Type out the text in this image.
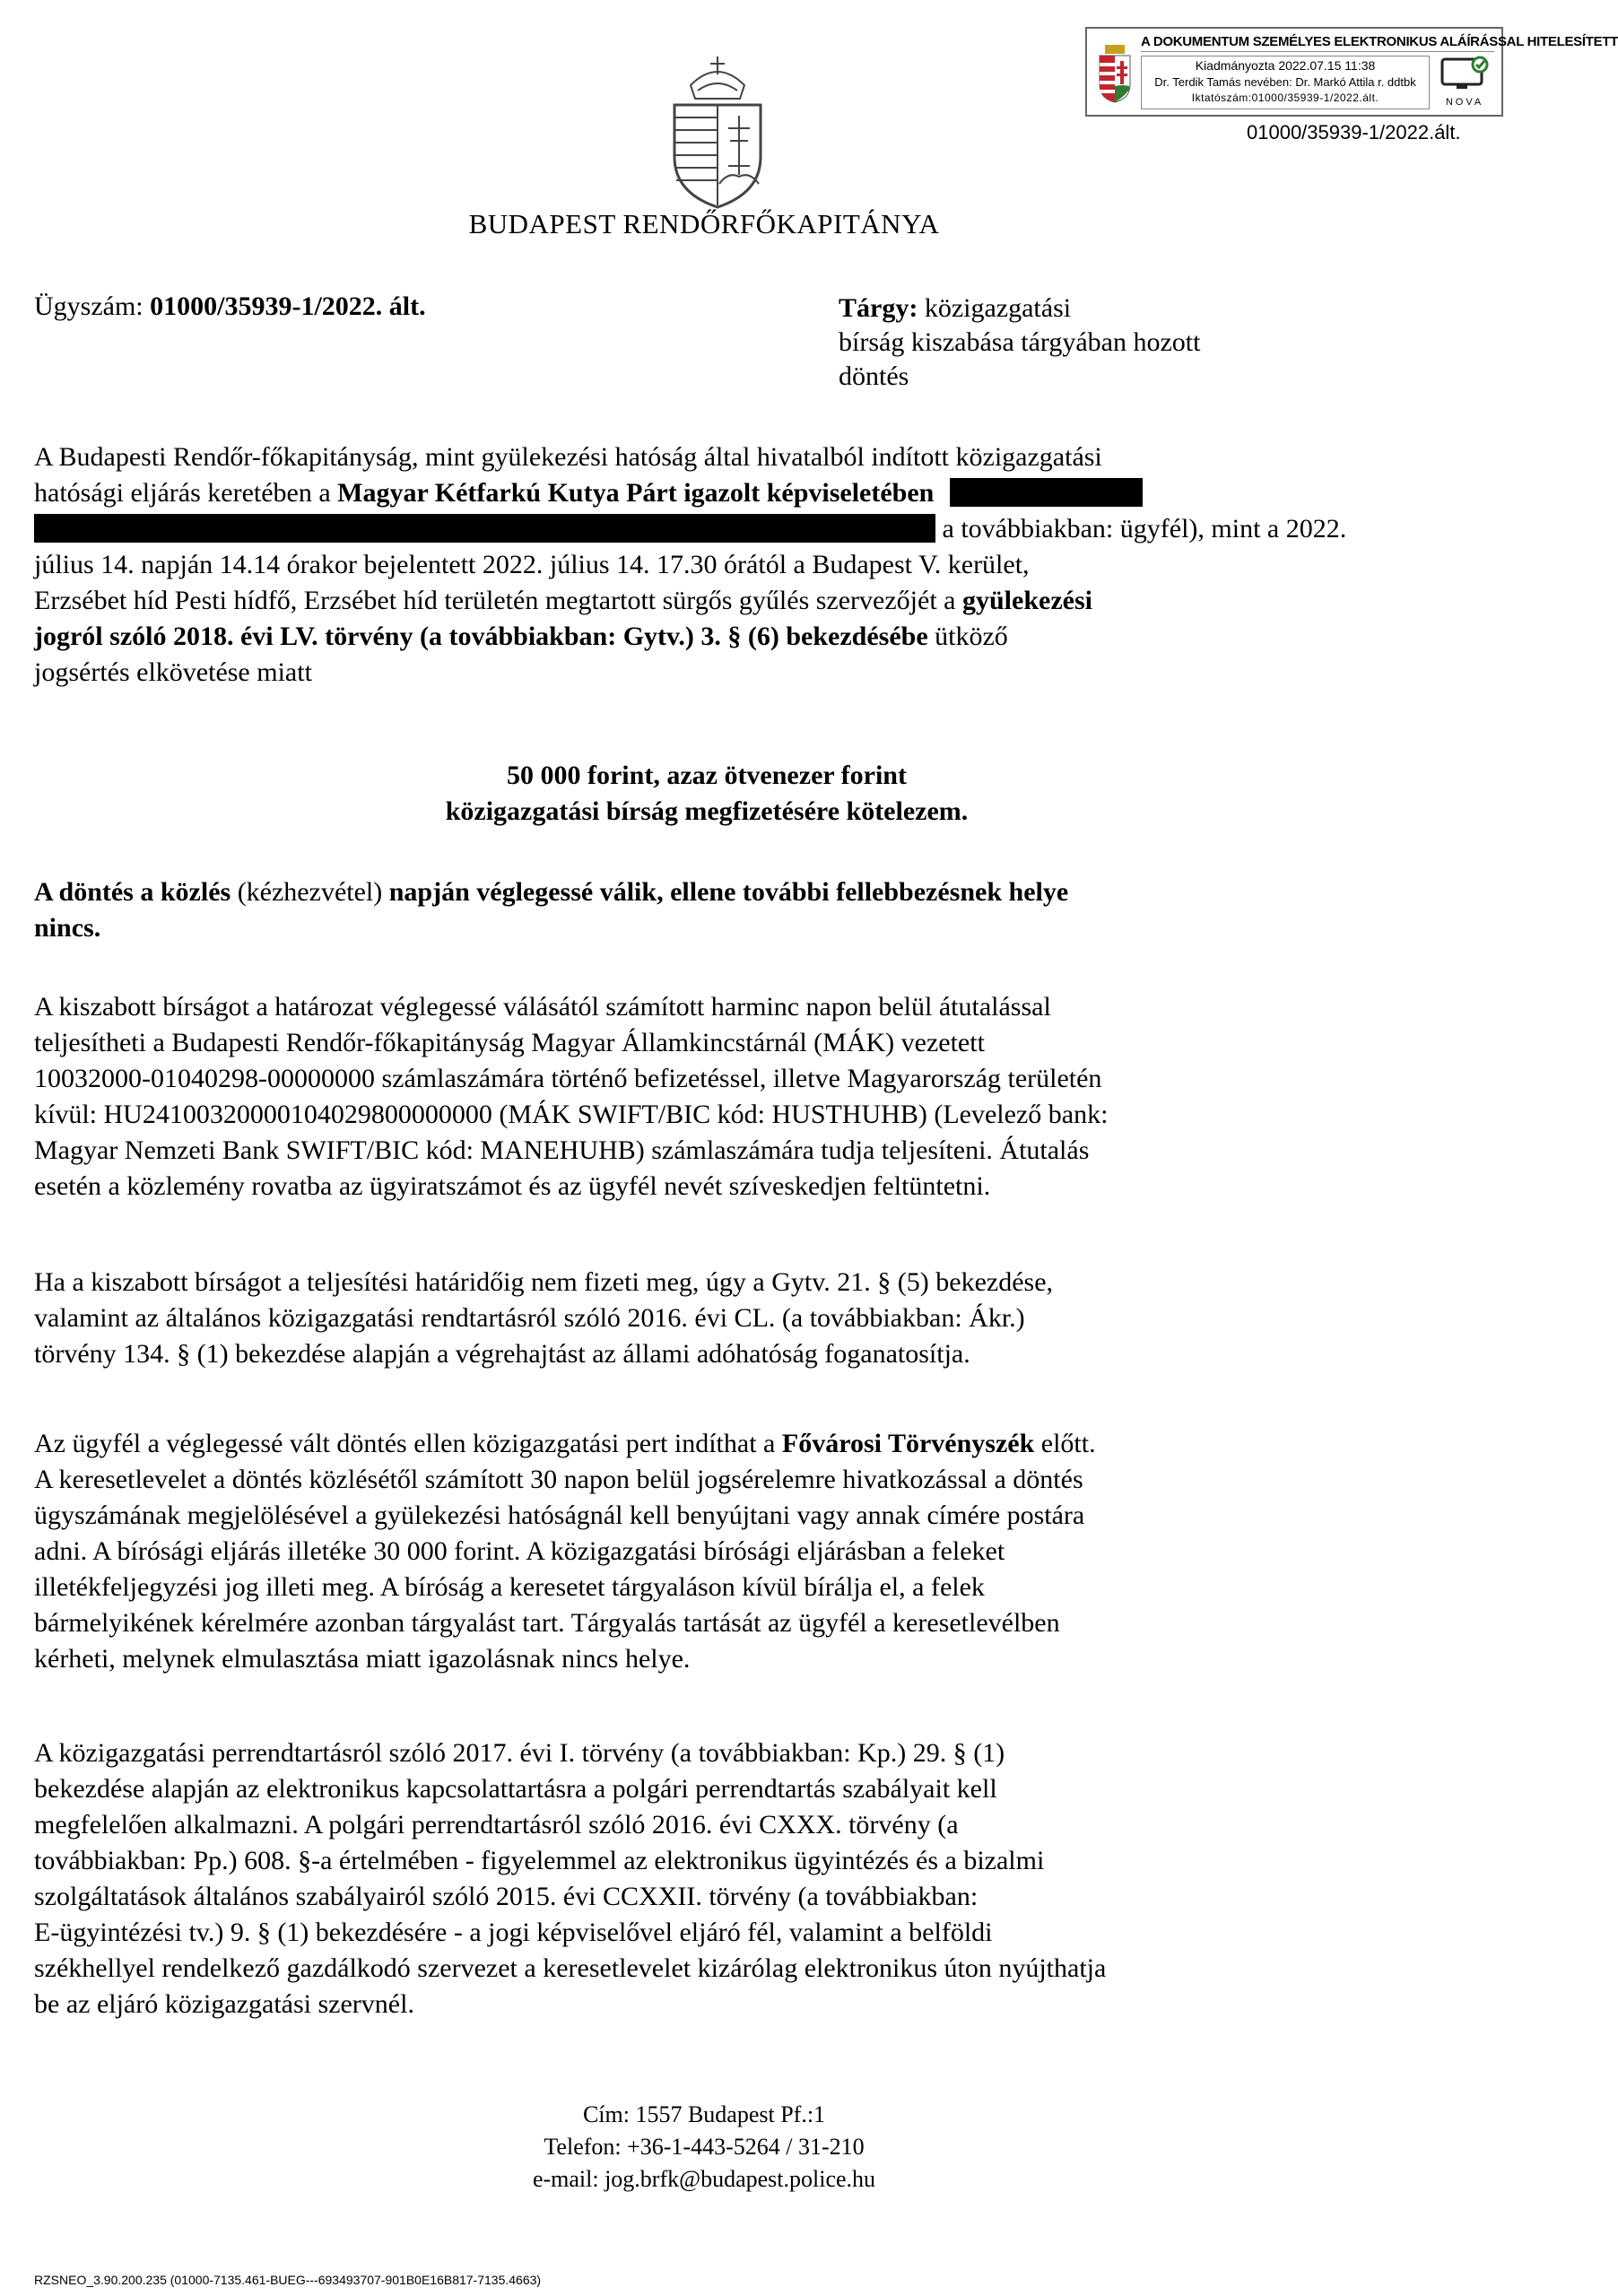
A DOKUMENTUM SZEMÉLYES ELEKTRONIKUS ALÁÍRÁSSAL HITELESÍTETT
Kiadmányozta 2022.07.15 11:38
Dr. Terdik Tamás nevében: Dr. Markó Attila r. ddtbk
Iktatószám:01000/35939-1/2022.ált.	NOVA
01000/35939-1/2022.ált.
BUDAPEST RENDŐRFŐKAPITÁNYA
Ügyszám: 01000/35939-1/2022. ált.	Tárgy: közigazgatási
bírság kiszabása tárgyában hozott
döntés
A Budapesti Rendőr-főkapitányság, mint gyülekezési hatóság által hivatalból indított közigazgatási
hatósági eljárás keretében a Magyar Kétfarkú Kutya Párt igazolt képviseletében
a továbbiakban: ügyfél), mint a 2022.
július 14. napján 14.14 órakor bejelentett 2022. július 14. 17.30 órától a Budapest V. kerület,
Erzsébet híd Pesti hídfő, Erzsébet híd területén megtartott sürgős gyűlés szervezőjét a gyülekezési
jogról szóló 2018. évi LV. törvény (a továbbiakban: Gytv.) 3. § (6) bekezdésébe ütköző
jogsértés elkövetése miatt
50 000 forint, azaz ötvenezer forint
közigazgatási bírság megfizetésére kötelezem.
A döntés a közlés (kézhezvétel) napján véglegessé válik, ellene további fellebbezésnek helye
nincs.
A kiszabott bírságot a határozat véglegessé válásától számított harminc napon belül átutalással
teljesítheti a Budapesti Rendőr-főkapitányság Magyar Államkincstárnál (MÁK) vezetett
10032000-01040298-00000000 számlaszámára történő befizetéssel, illetve Magyarország területén
kívül: HU24100320000104029800000000 (MÁK SWIFT/BIC kód: HUSTHUHB) (Levelező bank:
Magyar Nemzeti Bank SWIFT/BIC kód: MANEHUHB) számlaszámára tudja teljesíteni. Átutalás
esetén a közlemény rovatba az ügyiratszámot és az ügyfél nevét szíveskedjen feltüntetni.
Ha a kiszabott bírságot a teljesítési határidőig nem fizeti meg, úgy a Gytv. 21. § (5) bekezdése,
valamint az általános közigazgatási rendtartásról szóló 2016. évi CL. (a továbbiakban: Ákr.)
törvény 134. § (1) bekezdése alapján a végrehajtást az állami adóhatóság foganatosítja.
Az ügyfél a véglegessé vált döntés ellen közigazgatási pert indíthat a Fővárosi Törvényszék előtt.
A keresetlevelet a döntés közlésétől számított 30 napon belül jogsérelemre hivatkozással a döntés
ügyszámának megjelölésével a gyülekezési hatóságnál kell benyújtani vagy annak címére postára
adni. A bírósági eljárás illetéke 30 000 forint. A közigazgatási bírósági eljárásban a feleket
illetékfeljegyzési jog illeti meg. A bíróság a keresetet tárgyaláson kívül bírálja el, a felek
bármelyikének kérelmére azonban tárgyalást tart. Tárgyalás tartását az ügyfél a keresetlevélben
kérheti, melynek elmulasztása miatt igazolásnak nincs helye.
A közigazgatási perrendtartásról szóló 2017. évi I. törvény (a továbbiakban: Kp.) 29. § (1)
bekezdése alapján az elektronikus kapcsolattartásra a polgári perrendtartás szabályait kell
megfelelően alkalmazni. A polgári perrendtartásról szóló 2016. évi CXXX. törvény (a
továbbiakban: Pp.) 608. §-a értelmében - figyelemmel az elektronikus ügyintézés és a bizalmi
szolgáltatások általános szabályairól szóló 2015. évi CCXXII. törvény (a továbbiakban:
E-ügyintézési tv.) 9. § (1) bekezdésére - a jogi képviselővel eljáró fél, valamint a belföldi
székhellyel rendelkező gazdálkodó szervezet a keresetlevelet kizárólag elektronikus úton nyújthatja
be az eljáró közigazgatási szervnél.
Cím: 1557 Budapest Pf.:1
Telefon: +36-1-443-5264 / 31-210
e-mail: jog.brfk@budapest.police.hu
RZSNEO_3.90.200.235 (01000-7135.461-BUEG---693493707-901B0E16B817-7135.4663)
